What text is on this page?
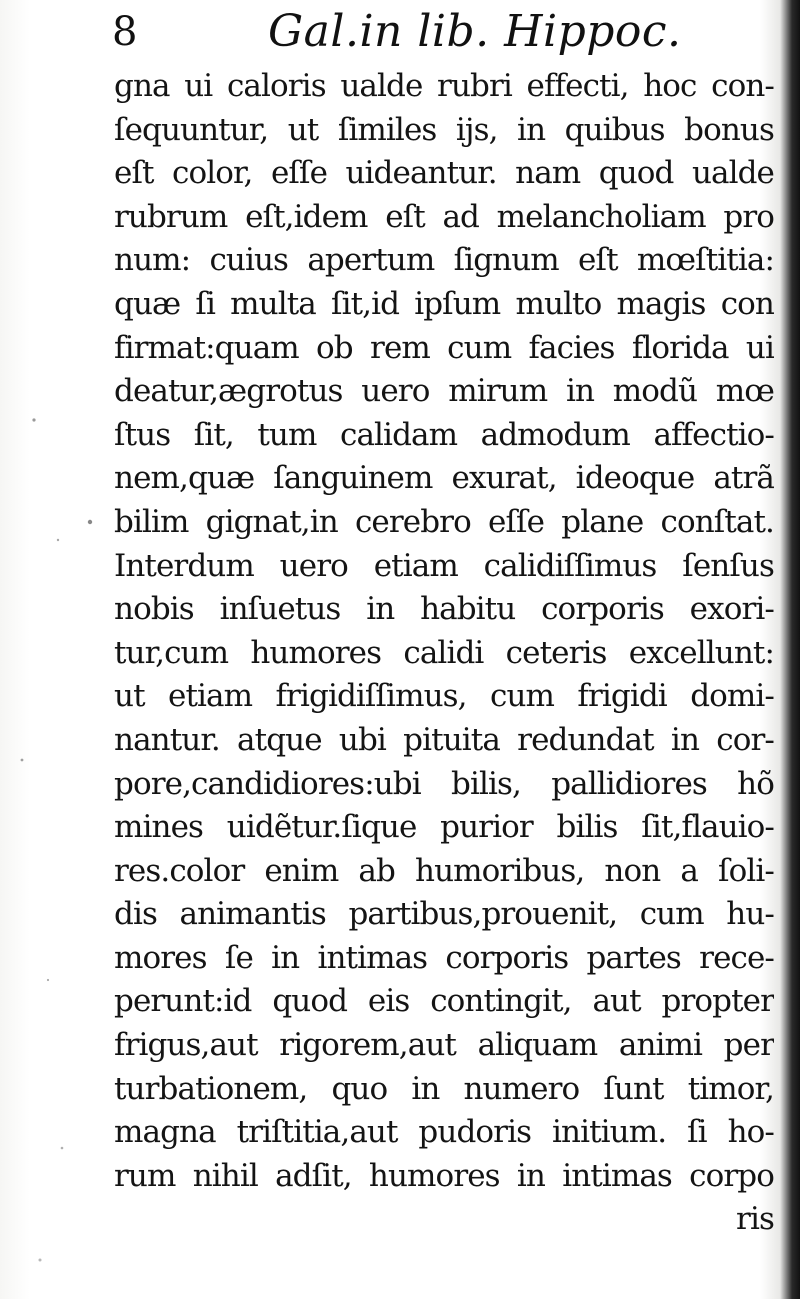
8	Gal.in lib. Hippoc.
gna ui caloris ualde rubri effecti, hoc con-
ſequuntur, ut ſimiles ijs, in quibus bonus
eſt color, eſſe uideantur. nam quod ualde
rubrum eſt,idem eſt ad melancholiam pro
num: cuius apertum ſignum eſt mœſtitia:
quæ ſi multa ſit,id ipſum multo magis con
firmat:quam ob rem cum facies florida ui
deatur,ægrotus uero mirum in modũ mœ
ſtus ſit, tum calidam admodum affectio-
nem,quæ ſanguinem exurat, ideoque atrã
bilim gignat,in cerebro eſſe plane conſtat.
Interdum uero etiam calidiſſimus ſenſus
nobis inſuetus in habitu corporis exori-
tur,cum humores calidi ceteris excellunt:
ut etiam frigidiſſimus, cum frigidi domi-
nantur. atque ubi pituita redundat in cor-
pore,candidiores:ubi bilis, pallidiores hõ
mines uidẽtur.ſique purior bilis ſit,flauio-
res.color enim ab humoribus, non a ſoli-
dis animantis partibus,prouenit, cum hu-
mores ſe in intimas corporis partes rece-
perunt:id quod eis contingit, aut propter
frigus,aut rigorem,aut aliquam animi per
turbationem, quo in numero ſunt timor,
magna triſtitia,aut pudoris initium. ſi ho-
rum nihil adſit, humores in intimas corpo
ris
